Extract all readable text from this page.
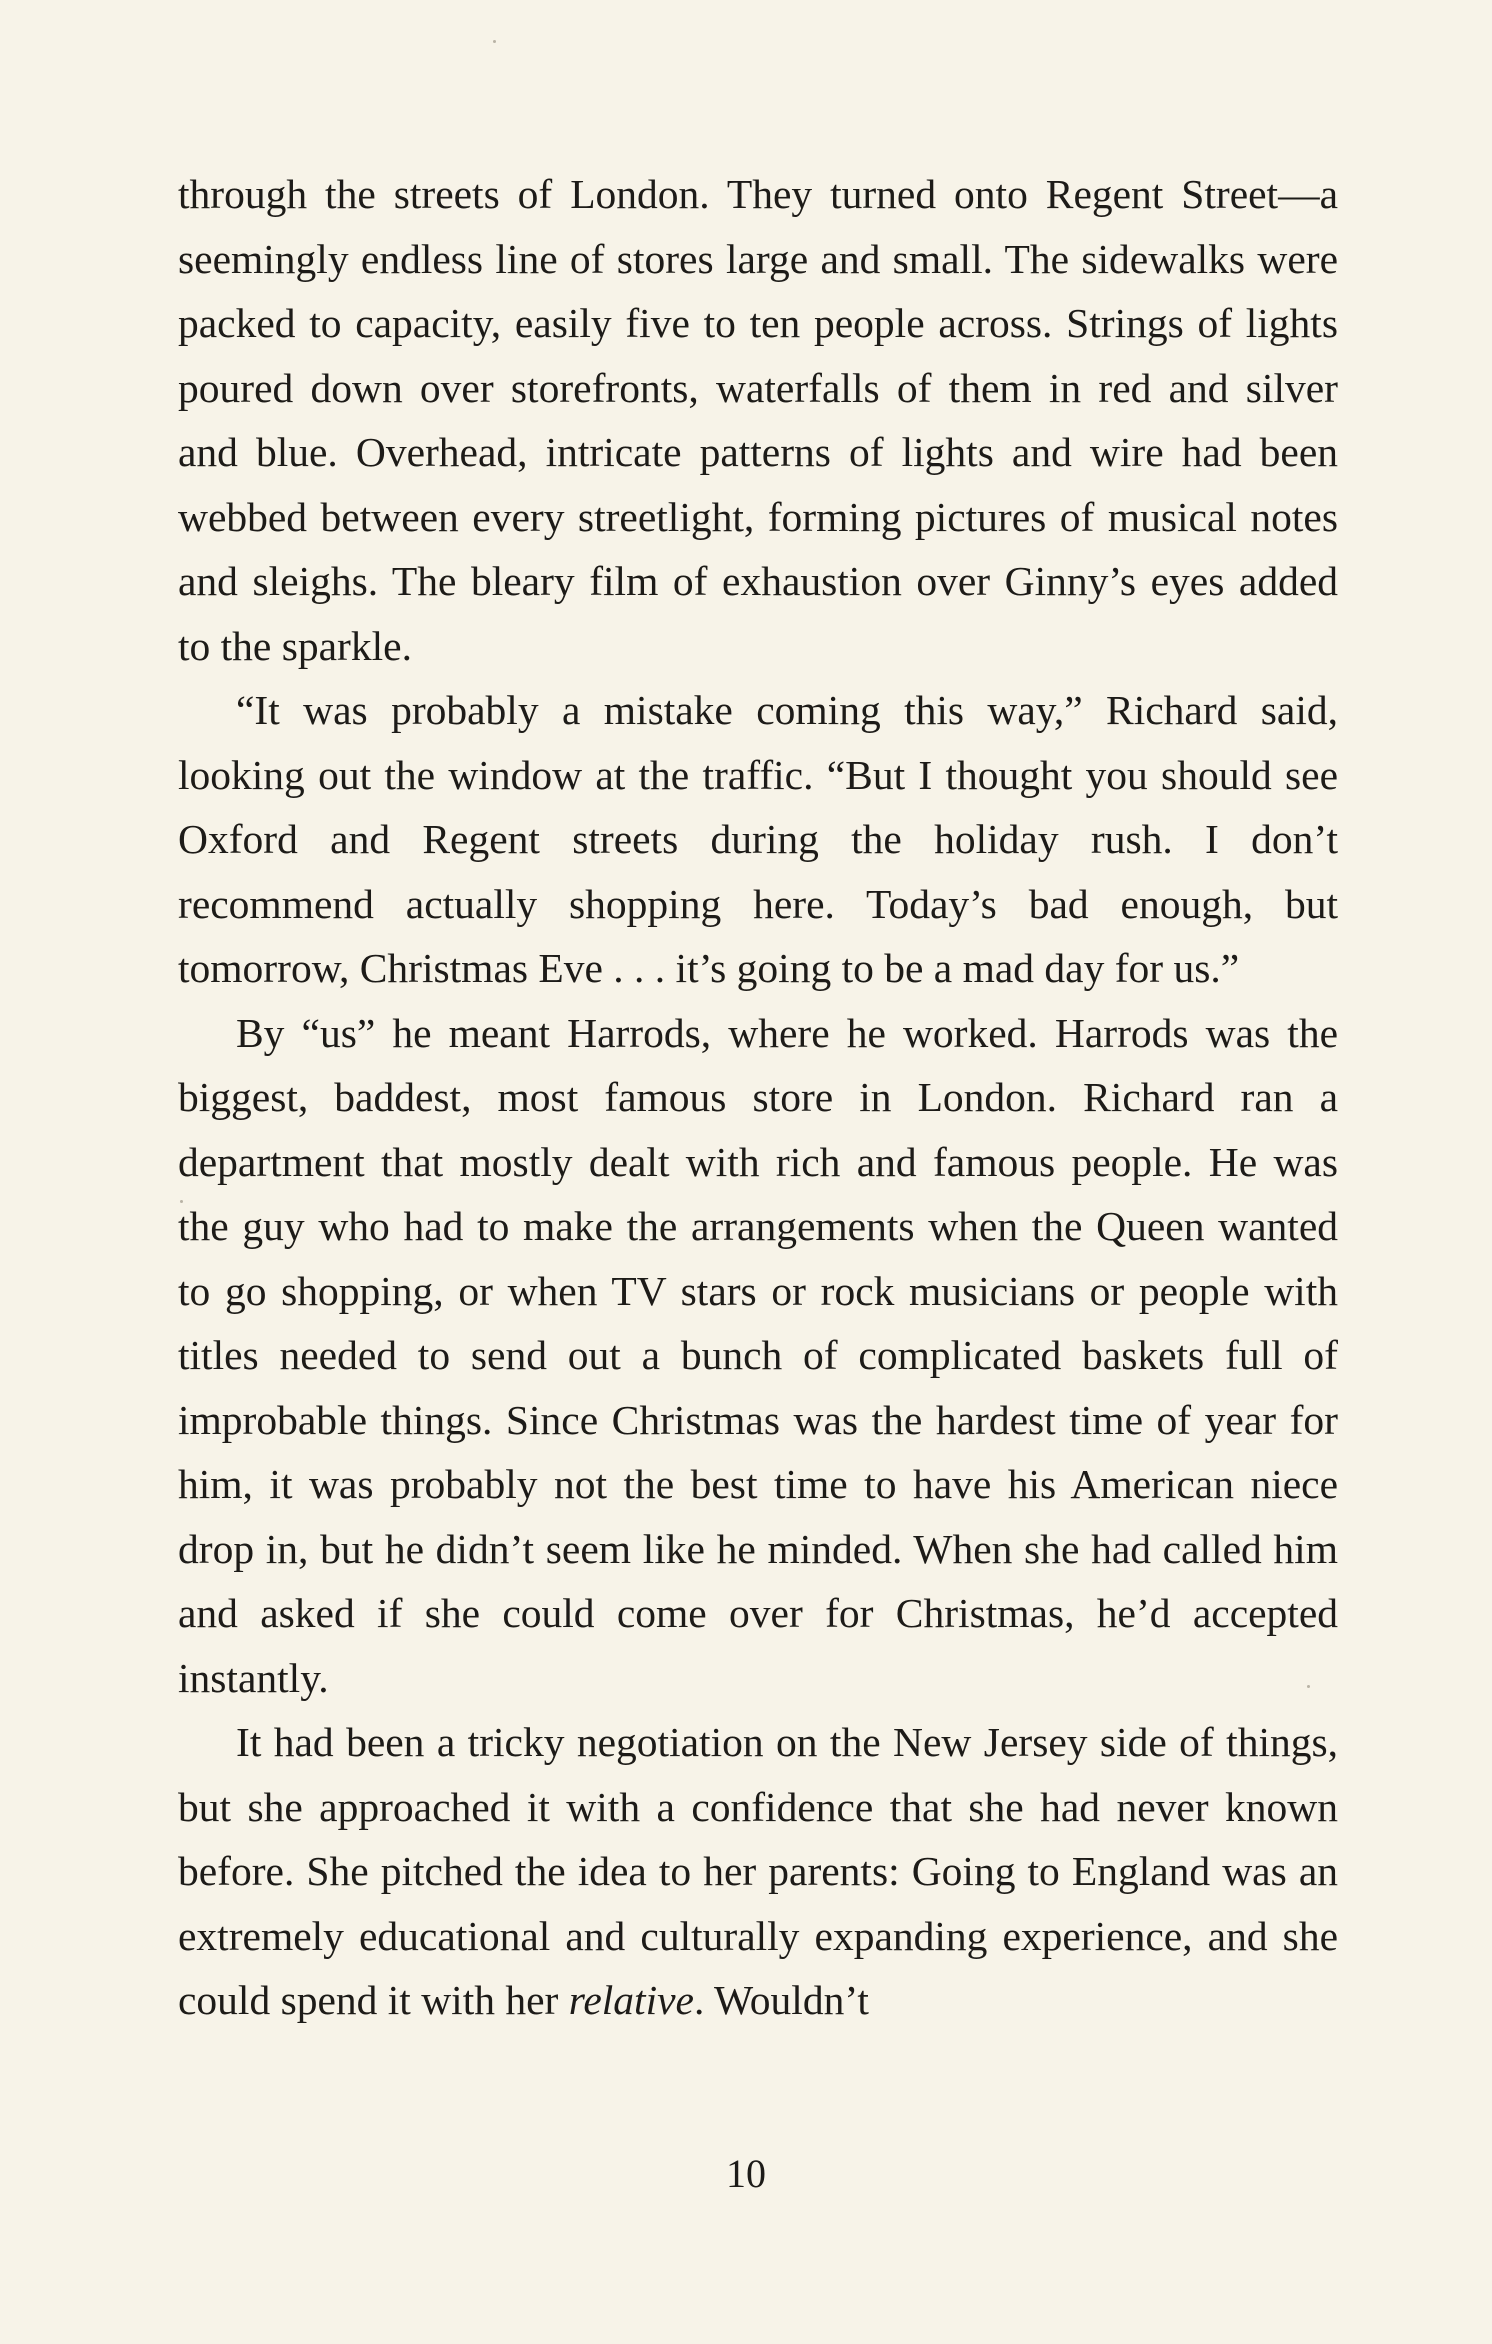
through the streets of London. They turned onto Regent Street—a seemingly endless line of stores large and small. The sidewalks were packed to capacity, easily five to ten people across. Strings of lights poured down over storefronts, waterfalls of them in red and silver and blue. Overhead, intricate patterns of lights and wire had been webbed between every streetlight, forming pictures of musical notes and sleighs. The bleary film of exhaustion over Ginny’s eyes added to the sparkle.

“It was probably a mistake coming this way,” Richard said, looking out the window at the traffic. “But I thought you should see Oxford and Regent streets during the holiday rush. I don’t recommend actually shopping here. Today’s bad enough, but tomorrow, Christmas Eve . . . it’s going to be a mad day for us.”

By “us” he meant Harrods, where he worked. Harrods was the biggest, baddest, most famous store in London. Richard ran a department that mostly dealt with rich and famous people. He was the guy who had to make the arrangements when the Queen wanted to go shopping, or when TV stars or rock musicians or people with titles needed to send out a bunch of complicated baskets full of improbable things. Since Christmas was the hardest time of year for him, it was probably not the best time to have his American niece drop in, but he didn’t seem like he minded. When she had called him and asked if she could come over for Christmas, he’d accepted instantly.

It had been a tricky negotiation on the New Jersey side of things, but she approached it with a confidence that she had never known before. She pitched the idea to her parents: Going to England was an extremely educational and culturally expanding experience, and she could spend it with her relative. Wouldn’t

10
